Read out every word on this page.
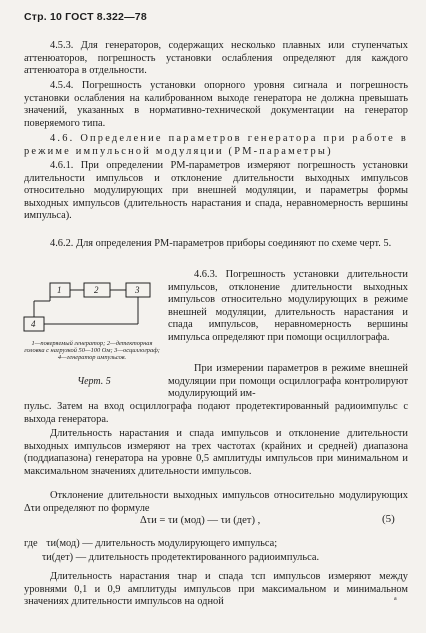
Стр. 10 ГОСТ 8.322—78
4.5.3. Для генераторов, содержащих несколько плавных или ступенчатых аттенюаторов, погрешность установки ослабления определяют для каждого аттенюатора в отдельности.
4.5.4. Погрешность установки опорного уровня сигнала и погрешность установки ослабления на калиброванном выходе генератора не должна превышать значений, указанных в нормативно-технической документации на генератор поверяемого типа.
4.6. Определение параметров генератора при работе в режиме импульсной модуляции (РМ-параметры)
4.6.1. При определении РМ-параметров измеряют погрешность установки длительности импульсов и отклонение длительности выходных импульсов относительно модулирующих при внешней модуляции, и параметры формы выходных импульсов (длительность нарастания и спада, неравномерность вершины импульса).
4.6.2. Для определения РМ-параметров приборы соединяют по схеме черт. 5.
1	2	3
4
1—поверяемый генератор; 2—детекторная головка с нагрузкой 50—100 Ом; 3—осциллограф; 4—генератор импульсов.
Черт. 5
4.6.3. Погрешность установки длительности импульсов, отклонение длительности выходных импульсов относительно модулирующих в режиме внешней модуляции, длительность нарастания и спада импульсов, неравномерность вершины импульса определяют при помощи осциллографа.
При измерении параметров в режиме внешней модуляции при помощи осциллографа контролируют модулирующий им-
пульс. Затем на вход осциллографа подают продетектированный радиоимпульс с выхода генератора.
Длительность нарастания и спада импульсов и отклонение длительности выходных импульсов измеряют на трех частотах (крайних и средней) диапазона (поддиапазона) генератора на уровне 0,5 амплитуды импульсов при минимальном и максимальном значениях длительности импульсов.
Отклонение длительности выходных импульсов относительно модулирующих Δτи определяют по формуле
Δτи = τи (мод) — τи (дет) ,	(5)
где τи(мод) — длительность модулирующего импульса;
τи(дет) — длительность продетектированного радиоимпульса.
Длительность нарастания τнар и спада τсп импульсов измеряют между уровнями 0,1 и 0,9 амплитуды импульсов при максимальном и минимальном значениях длительности импульсов на одной	а
